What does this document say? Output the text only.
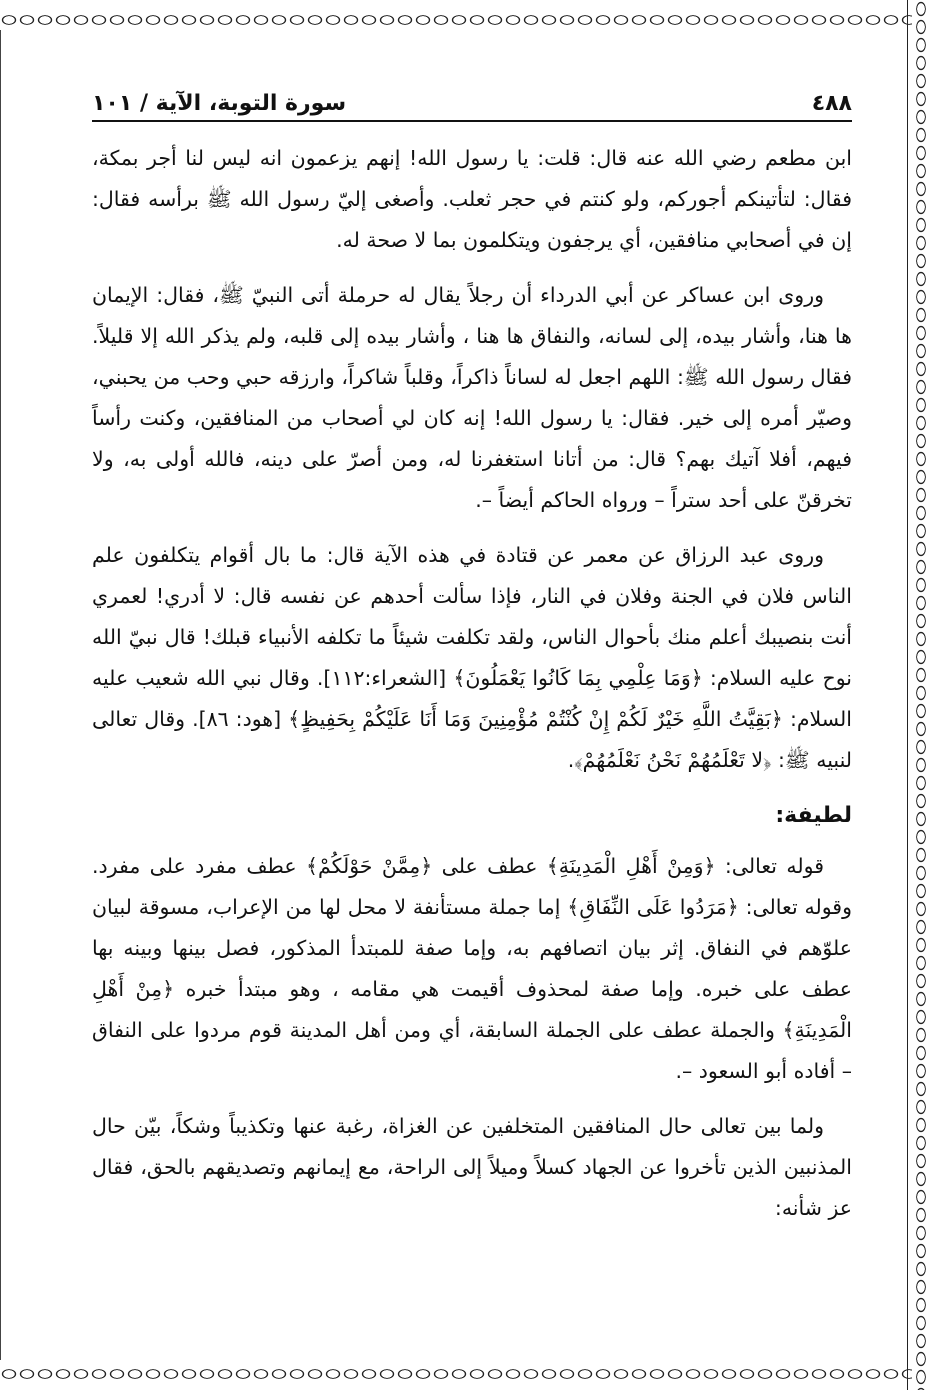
٤٨٨
سورة التوبة، الآية / ١٠١

ابن مطعم رضي الله عنه قال: قلت: يا رسول الله! إنهم يزعمون انه ليس لنا أجر بمكة، فقال: لتأتينكم أجوركم، ولو كنتم في حجر ثعلب. وأصغى إليّ رسول الله ﷺ برأسه فقال: إن في أصحابي منافقين، أي يرجفون ويتكلمون بما لا صحة له.

وروى ابن عساكر عن أبي الدرداء أن رجلاً يقال له حرملة أتى النبيّ ﷺ، فقال: الإيمان ها هنا، وأشار بيده، إلى لسانه، والنفاق ها هنا ، وأشار بيده إلى قلبه، ولم يذكر الله إلا قليلاً. فقال رسول الله ﷺ: اللهم اجعل له لساناً ذاكراً، وقلباً شاكراً، وارزقه حبي وحب من يحبني، وصيّر أمره إلى خير. فقال: يا رسول الله! إنه كان لي أصحاب من المنافقين، وكنت رأساً فيهم، أفلا آتيك بهم؟ قال: من أتانا استغفرنا له، ومن أصرّ على دينه، فالله أولى به، ولا تخرقنّ على أحد ستراً – ورواه الحاكم أيضاً –.

وروى عبد الرزاق عن معمر عن قتادة في هذه الآية قال: ما بال أقوام يتكلفون علم الناس فلان في الجنة وفلان في النار، فإذا سألت أحدهم عن نفسه قال: لا أدري! لعمري أنت بنصيبك أعلم منك بأحوال الناس، ولقد تكلفت شيئاً ما تكلفه الأنبياء قبلك! قال نبيّ الله نوح عليه السلام: ﴿وَمَا عِلْمِي بِمَا كَانُوا يَعْمَلُونَ﴾ [الشعراء:١١٢]. وقال نبي الله شعيب عليه السلام: ﴿بَقِيَّتُ اللَّهِ خَيْرٌ لَكُمْ إِنْ كُنْتُمْ مُؤْمِنِينَ وَمَا أَنَا عَلَيْكُمْ بِحَفِيظٍ﴾ [هود: ٨٦]. وقال تعالى لنبيه ﷺ: ﴿لا تَعْلَمُهُمْ نَحْنُ نَعْلَمُهُمْ﴾.

لطيفة:

قوله تعالى: ﴿وَمِنْ أَهْلِ الْمَدِينَةِ﴾ عطف على ﴿مِمَّنْ حَوْلَكُمْ﴾ عطف مفرد على مفرد. وقوله تعالى: ﴿مَرَدُوا عَلَى النِّفَاقِ﴾ إما جملة مستأنفة لا محل لها من الإعراب، مسوقة لبيان علوّهم في النفاق. إثر بيان اتصافهم به، وإما صفة للمبتدأ المذكور، فصل بينها وبينه بها عطف على خبره. وإما صفة لمحذوف أقيمت هي مقامه ، وهو مبتدأ خبره ﴿مِنْ أَهْلِ الْمَدِينَةِ﴾ والجملة عطف على الجملة السابقة، أي ومن أهل المدينة قوم مردوا على النفاق – أفاده أبو السعود –.

ولما بين تعالى حال المنافقين المتخلفين عن الغزاة، رغبة عنها وتكذيباً وشكاً، بيّن حال المذنبين الذين تأخروا عن الجهاد كسلاً وميلاً إلى الراحة، مع إيمانهم وتصديقهم بالحق، فقال عز شأنه:
